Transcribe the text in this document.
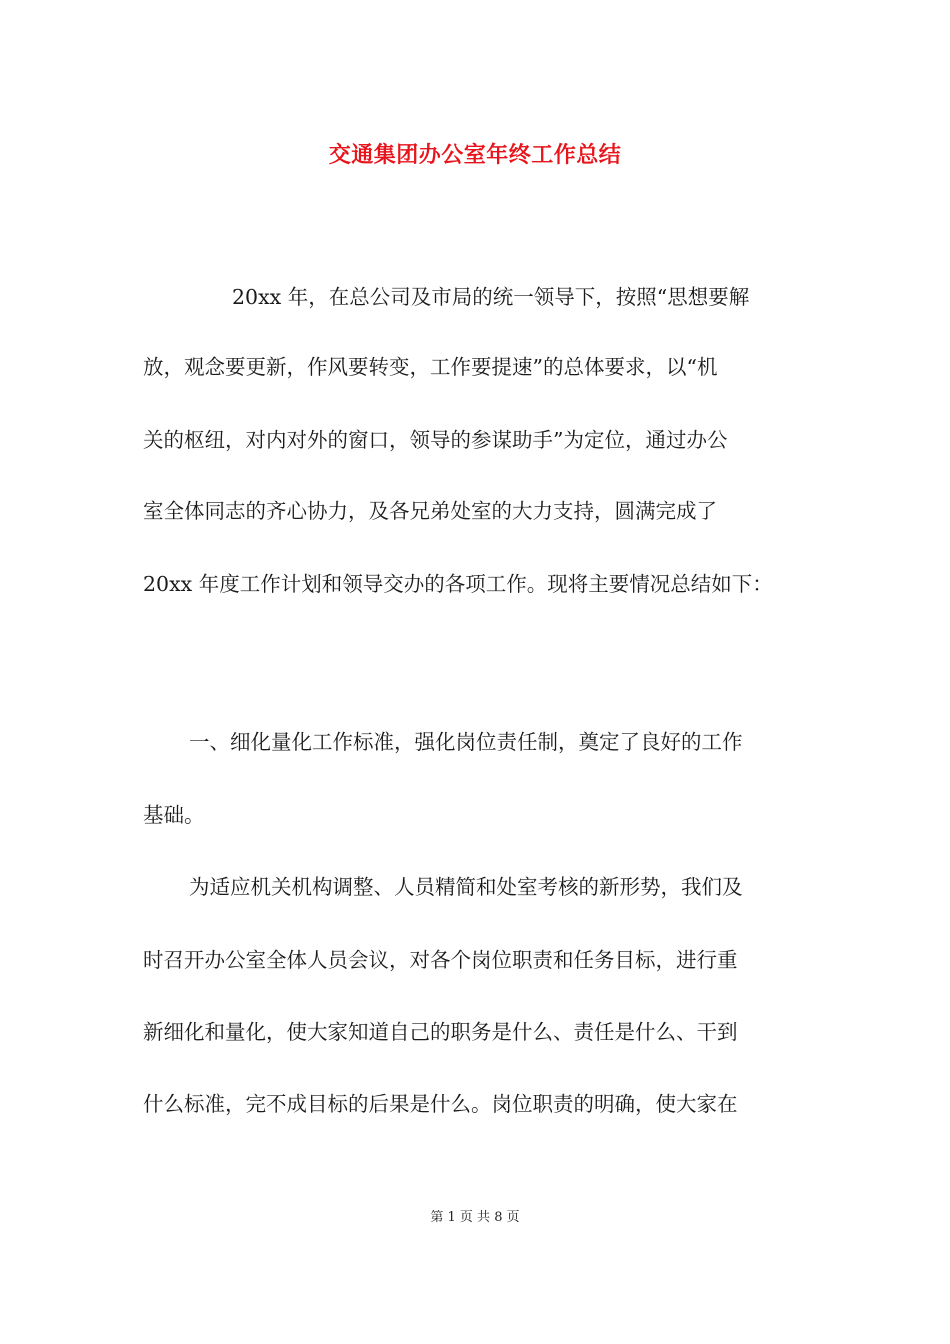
交通集团办公室年终工作总结
20xx 年，在总公司及市局的统一领导下，按照“思想要解
放，观念要更新，作风要转变，工作要提速”的总体要求，以“机
关的枢纽，对内对外的窗口，领导的参谋助手”为定位，通过办公
室全体同志的齐心协力，及各兄弟处室的大力支持，圆满完成了
20xx 年度工作计划和领导交办的各项工作。现将主要情况总结如下：
一、细化量化工作标准，强化岗位责任制，奠定了良好的工作
基础。
为适应机关机构调整、人员精简和处室考核的新形势，我们及
时召开办公室全体人员会议，对各个岗位职责和任务目标，进行重
新细化和量化，使大家知道自己的职务是什么、责任是什么、干到
什么标准，完不成目标的后果是什么。岗位职责的明确，使大家在
第 1 页 共 8 页
